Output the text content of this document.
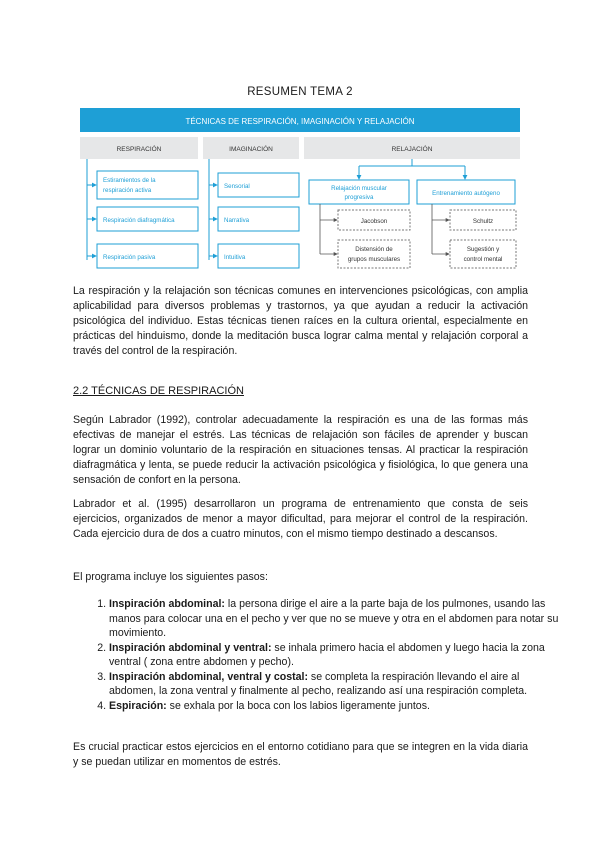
RESUMEN TEMA 2
TÉCNICAS DE RESPIRACIÓN, IMAGINACIÓN Y RELAJACIÓN
RESPIRACIÓN	IMAGINACIÓN	RELAJACIÓN
Estiramientos de la
respiración activa
Respiración diafragmática
Respiración pasiva
Sensorial
Narrativa
Intuitiva
Relajación muscular
progresiva
Entrenamiento autógeno
Jacobson
Distensión de
grupos musculares
Schultz
Sugestión y
control mental

La respiración y la relajación son técnicas comunes en intervenciones psicológicas, con amplia aplicabilidad para diversos problemas y trastornos, ya que ayudan a reducir la activación psicológica del individuo. Estas técnicas tienen raíces en la cultura oriental, especialmente en prácticas del hinduismo, donde la meditación busca lograr calma mental y relajación corporal a través del control de la respiración.

2.2 TÉCNICAS DE RESPIRACIÓN

Según Labrador (1992), controlar adecuadamente la respiración es una de las formas más efectivas de manejar el estrés. Las técnicas de relajación son fáciles de aprender y buscan lograr un dominio voluntario de la respiración en situaciones tensas. Al practicar la respiración diafragmática y lenta, se puede reducir la activación psicológica y fisiológica, lo que genera una sensación de confort en la persona.

Labrador et al. (1995) desarrollaron un programa de entrenamiento que consta de seis ejercicios, organizados de menor a mayor dificultad, para mejorar el control de la respiración. Cada ejercicio dura de dos a cuatro minutos, con el mismo tiempo destinado a descansos.

El programa incluye los siguientes pasos:
1. Inspiración abdominal: la persona dirige el aire a la parte baja de los pulmones, usando las manos para colocar una en el pecho y ver que no se mueve y otra en el abdomen para notar su movimiento.
2. Inspiración abdominal y ventral: se inhala primero hacia el abdomen y luego hacia la zona ventral ( zona entre abdomen y pecho).
3. Inspiración abdominal, ventral y costal: se completa la respiración llevando el aire al abdomen, la zona ventral y finalmente al pecho, realizando así una respiración completa.
4. Espiración: se exhala por la boca con los labios ligeramente juntos.

Es crucial practicar estos ejercicios en el entorno cotidiano para que se integren en la vida diaria y se puedan utilizar en momentos de estrés.
